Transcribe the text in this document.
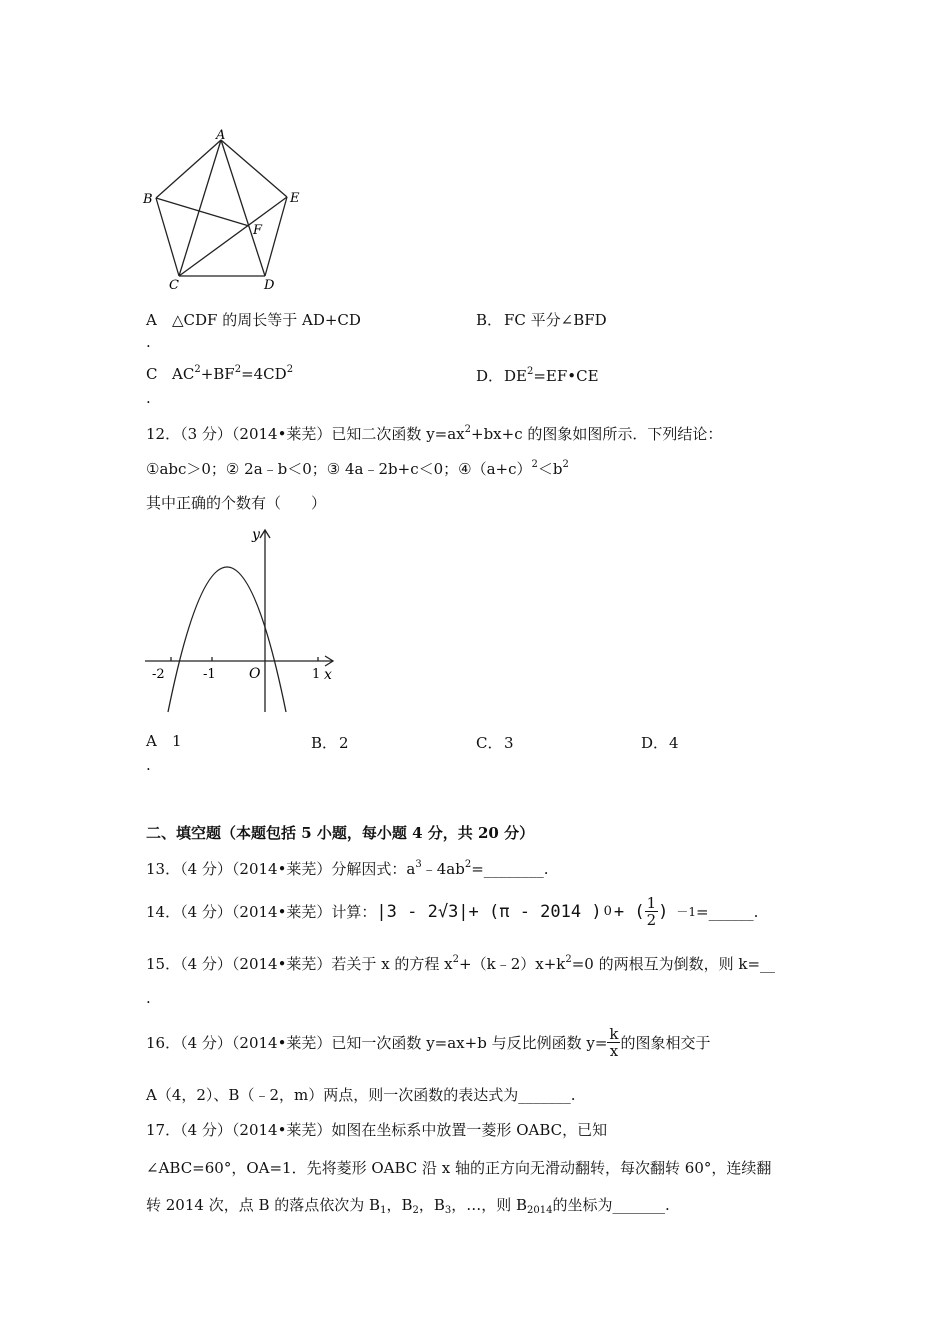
A
B	E
F
C	D
A △CDF 的周长等于 AD+CD
.
B． FC 平分∠BFD
C $AC^2+BF^2=4CD^2$
.
D．$DE^2=EF•CE$
12．（3 分）（2014•莱芜）已知二次函数 $y=ax^2+bx+c$ 的图象如图所示．下列结论：
①abc＞0；② 2a﹣b＜0；③ 4a﹣2b+c＜0；$④(a+c)^2<b^2$
其中正确的个数有（　　）
y
x
O
-2	-1	1
A 1
.
B． 2	C． 3	D．4
二、填空题（本题包括 5 小题，每小题 4 分，共 20 分）
13．（4 分）（2014•莱芜）分解因式：$a^3﹣4ab^2=\_\_\_\_\_\_\_\_$.
14．（4 分）（2014•莱芜）计算： |3 - 2√3|+ (π - 2014 ) 0 + ( $\frac{1}{2}$ ) －1 =______.
15．（4 分）（2014•莱芜）若关于 x 的方程 $x^2+(k﹣2)x+k^2=0$ 的两根互为倒数，则 k=__
.
16．（4 分）（2014•莱芜）已知一次函数 y=ax+b 与反比例函数 $y= \frac{k}{x}$ 的图象相交于
A（4，2）、B（﹣2，m）两点，则一次函数的表达式为_______.
17．（4 分）（2014•莱芜）如图在坐标系中放置一菱形 OABC，已知
∠ABC=60°，OA=1．先将菱形 OABC 沿 x 轴的正方向无滑动翻转，每次翻转 60°，连续翻
转 2014 次，点 B 的落点依次为 $B_1$，$B_2$，$B_3$，…，则 $B_{2014}$的坐标为_______.
